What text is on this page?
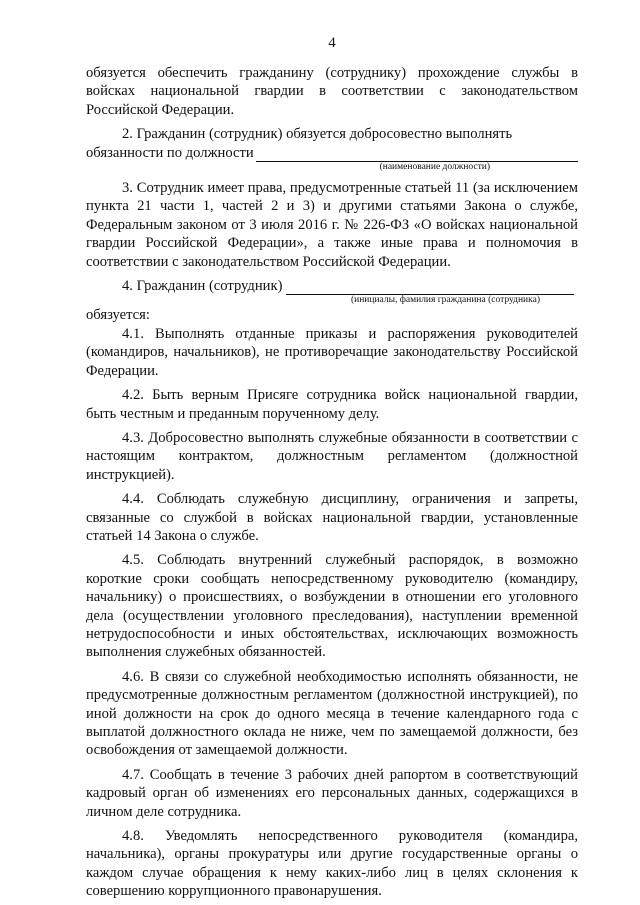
4

обязуется обеспечить гражданину (сотруднику) прохождение службы в войсках национальной гвардии в соответствии с законодательством Российской Федерации.

2. Гражданин (сотрудник) обязуется добросовестно выполнять

обязанности по должности

(наименование должности)

3. Сотрудник имеет права, предусмотренные статьей 11 (за исключением пункта 21 части 1, частей 2 и 3) и другими статьями Закона о службе, Федеральным законом от 3 июля 2016 г. № 226-ФЗ «О войсках национальной гвардии Российской Федерации», а также иные права и полномочия в соответствии с законодательством Российской Федерации.

4. Гражданин (сотрудник)

(инициалы, фамилия гражданина (сотрудника)

обязуется:

4.1. Выполнять отданные приказы и распоряжения руководителей (командиров, начальников), не противоречащие законодательству Российской Федерации.

4.2. Быть верным Присяге сотрудника войск национальной гвардии, быть честным и преданным порученному делу.

4.3. Добросовестно выполнять служебные обязанности в соответствии с настоящим контрактом, должностным регламентом (должностной инструкцией).

4.4. Соблюдать служебную дисциплину, ограничения и запреты, связанные со службой в войсках национальной гвардии, установленные статьей 14 Закона о службе.

4.5. Соблюдать внутренний служебный распорядок, в возможно короткие сроки сообщать непосредственному руководителю (командиру, начальнику) о происшествиях, о возбуждении в отношении его уголовного дела (осуществлении уголовного преследования), наступлении временной нетрудоспособности и иных обстоятельствах, исключающих возможность выполнения служебных обязанностей.

4.6. В связи со служебной необходимостью исполнять обязанности, не предусмотренные должностным регламентом (должностной инструкцией), по иной должности на срок до одного месяца в течение календарного года с выплатой должностного оклада не ниже, чем по замещаемой должности, без освобождения от замещаемой должности.

4.7. Сообщать в течение 3 рабочих дней рапортом в соответствующий кадровый орган об изменениях его персональных данных, содержащихся в личном деле сотрудника.

4.8. Уведомлять непосредственного руководителя (командира, начальника), органы прокуратуры или другие государственные органы о каждом случае обращения к нему каких-либо лиц в целях склонения к совершению коррупционного правонарушения.
